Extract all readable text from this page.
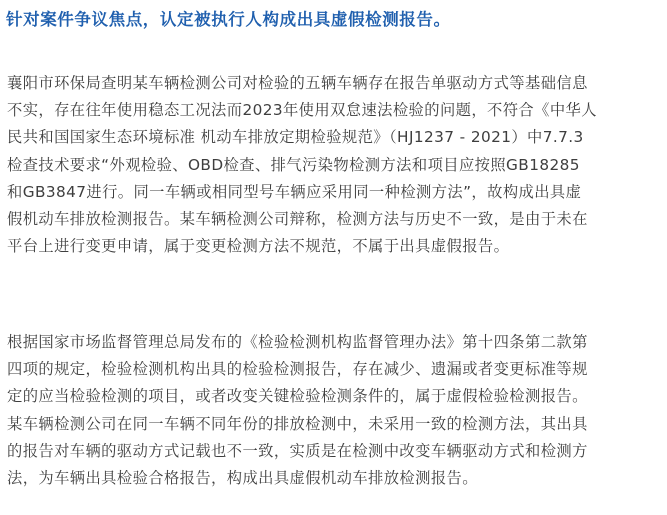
针对案件争议焦点，认定被执行人构成出具虚假检测报告。
襄阳市环保局查明某车辆检测公司对检验的五辆车辆存在报告单驱动方式等基础信息
不实，存在往年使用稳态工况法而2023年使用双怠速法检验的问题，不符合《中华人
民共和国国家生态环境标准 机动车排放定期检验规范》（HJ1237 - 2021）中7.7.3
检查技术要求“外观检验、OBD检查、排气污染物检测方法和项目应按照GB18285
和GB3847进行。同一车辆或相同型号车辆应采用同一种检测方法”，故构成出具虚
假机动车排放检测报告。某车辆检测公司辩称，检测方法与历史不一致，是由于未在
平台上进行变更申请，属于变更检测方法不规范，不属于出具虚假报告。
根据国家市场监督管理总局发布的《检验检测机构监督管理办法》第十四条第二款第
四项的规定，检验检测机构出具的检验检测报告，存在减少、遗漏或者变更标准等规
定的应当检验检测的项目，或者改变关键检验检测条件的，属于虚假检验检测报告。
某车辆检测公司在同一车辆不同年份的排放检测中，未采用一致的检测方法，其出具
的报告对车辆的驱动方式记载也不一致，实质是在检测中改变车辆驱动方式和检测方
法，为车辆出具检验合格报告，构成出具虚假机动车排放检测报告。
